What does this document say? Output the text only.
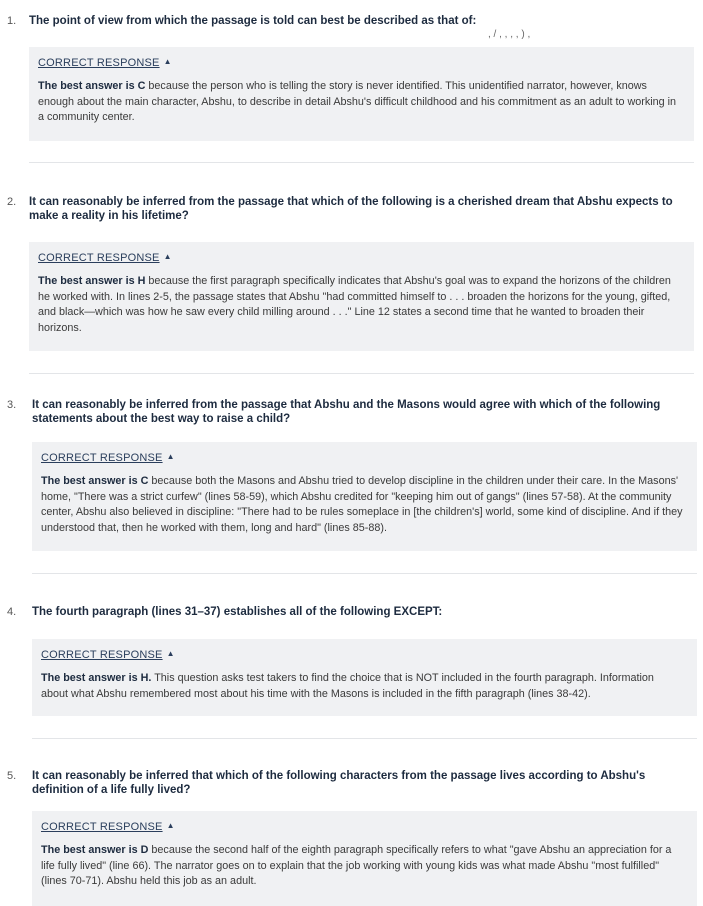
1. The point of view from which the passage is told can best be described as that of:
, / , , , , ) ,
CORRECT RESPONSE ▲
The best answer is C because the person who is telling the story is never identified. This unidentified narrator, however, knows enough about the main character, Abshu, to describe in detail Abshu's difficult childhood and his commitment as an adult to working in a community center.
2. It can reasonably be inferred from the passage that which of the following is a cherished dream that Abshu expects to make a reality in his lifetime?
CORRECT RESPONSE ▲
The best answer is H because the first paragraph specifically indicates that Abshu's goal was to expand the horizons of the children he worked with. In lines 2-5, the passage states that Abshu "had committed himself to . . . broaden the horizons for the young, gifted, and black—which was how he saw every child milling around . . ." Line 12 states a second time that he wanted to broaden their horizons.
3. It can reasonably be inferred from the passage that Abshu and the Masons would agree with which of the following statements about the best way to raise a child?
CORRECT RESPONSE ▲
The best answer is C because both the Masons and Abshu tried to develop discipline in the children under their care. In the Masons' home, "There was a strict curfew" (lines 58-59), which Abshu credited for "keeping him out of gangs" (lines 57-58). At the community center, Abshu also believed in discipline: "There had to be rules someplace in [the children's] world, some kind of discipline. And if they understood that, then he worked with them, long and hard" (lines 85-88).
4. The fourth paragraph (lines 31–37) establishes all of the following EXCEPT:
CORRECT RESPONSE ▲
The best answer is H. This question asks test takers to find the choice that is NOT included in the fourth paragraph. Information about what Abshu remembered most about his time with the Masons is included in the fifth paragraph (lines 38-42).
5. It can reasonably be inferred that which of the following characters from the passage lives according to Abshu's definition of a life fully lived?
CORRECT RESPONSE ▲
The best answer is D because the second half of the eighth paragraph specifically refers to what "gave Abshu an appreciation for a life fully lived" (line 66). The narrator goes on to explain that the job working with young kids was what made Abshu "most fulfilled" (lines 70-71). Abshu held this job as an adult.
